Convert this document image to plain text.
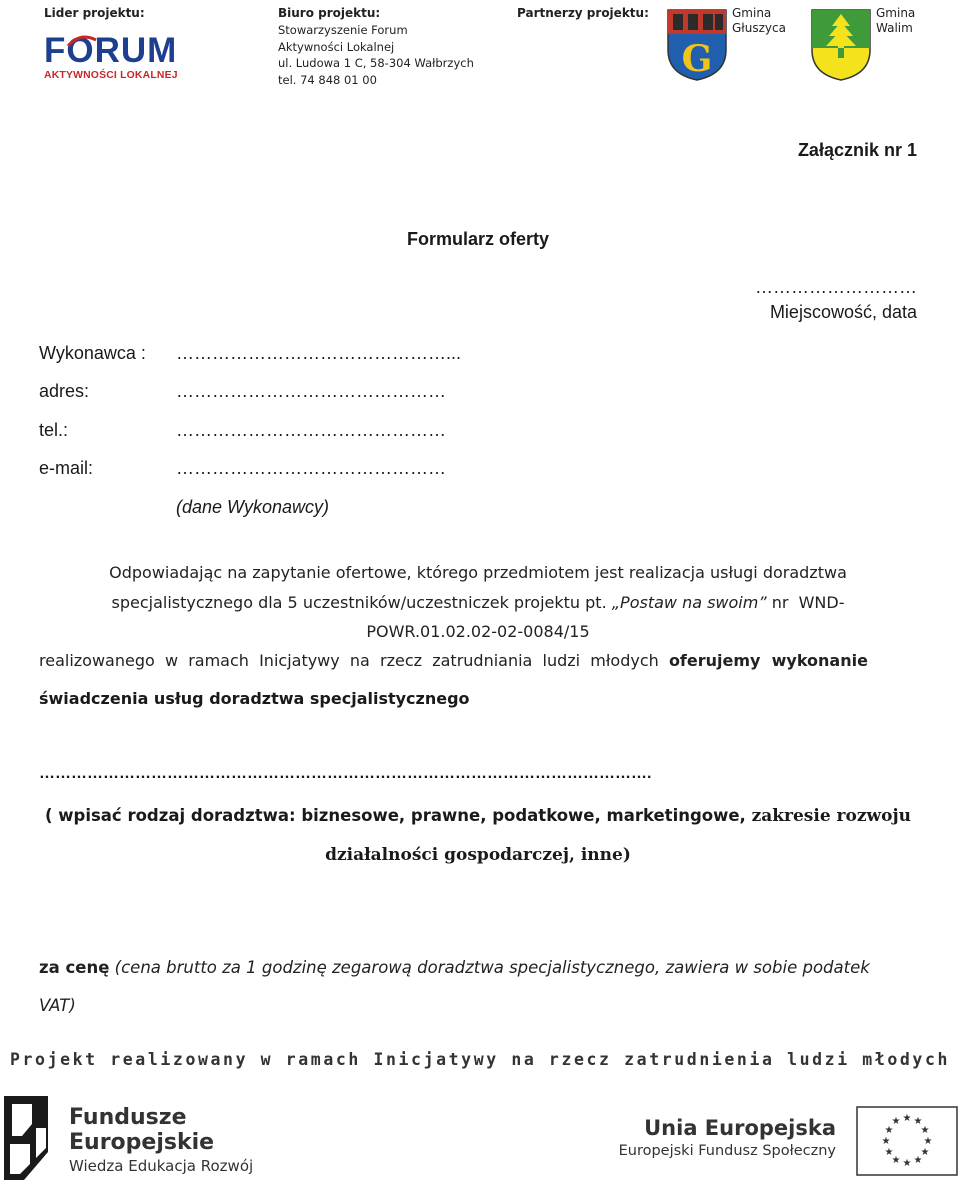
Lider projektu:
FORUM
AKTYWNOŚCI LOKALNEJ
Biuro projektu:
Stowarzyszenie Forum
Aktywności Lokalnej
ul. Ludowa 1 C, 58-304 Wałbrzych
tel. 74 848 01 00
Partnerzy projektu:
G
Gmina
Głuszyca
Gmina
Walim
Załącznik nr 1
Formularz oferty
………………………
Miejscowość, data
Wykonawca : ………………………………………...
adres:	………………………………………
tel.:	………………………………………
e-mail:	………………………………………
(dane Wykonawcy)
Odpowiadając na zapytanie ofertowe, którego przedmiotem jest realizacja usługi doradztwa
specjalistycznego dla 5 uczestników/uczestniczek projektu pt. „Postaw na swoim” nr  WND-
POWR.01.02.02-02-0084/15
realizowanego  w  ramach  Inicjatywy  na  rzecz  zatrudniania  ludzi  młodych  oferujemy  wykonanie
świadczenia usług doradztwa specjalistycznego
…………………………………………………………………………………………………….
( wpisać rodzaj doradztwa: biznesowe, prawne, podatkowe, marketingowe, zakresie rozwoju
działalności gospodarczej, inne)
za cenę (cena brutto za 1 godzinę zegarową doradztwa specjalistycznego, zawiera w sobie podatek
VAT)
Projekt realizowany w ramach Inicjatywy na rzecz zatrudnienia ludzi młodych
Fundusze
Europejskie
Wiedza Edukacja Rozwój
Unia Europejska
Europejski Fundusz Społeczny
★ ★
★
★
★
★
★
★
★
★
★
★
